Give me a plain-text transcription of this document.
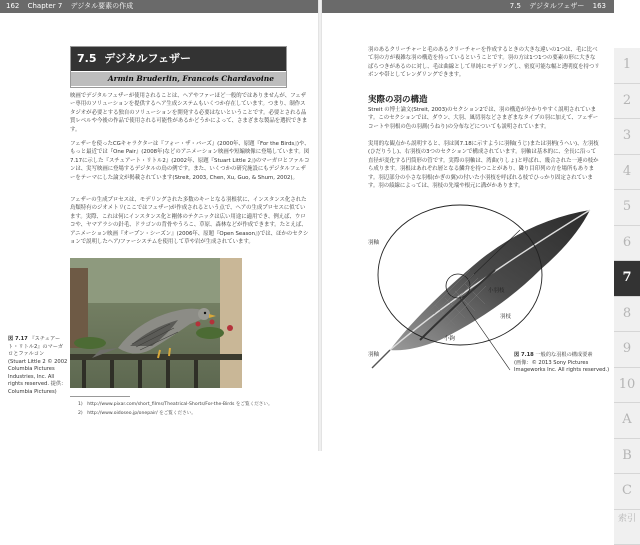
162 Chapter 7 デジタル要素の作成	7.5 デジタルフェザー 163
7.5 デジタルフェザー
Armin Bruderlin, Francois Chardavoine

映画でデジタルフェザーが使用されることは、ヘアやファーほど一般的ではありませんが、フェザー専用のソリューションを提供するヘア生成システムもいくつか存在しています。つまり、制作スタジオが必要とする独自のソリューションを開発する必要はないということです。必要とされる品質レベルや今後の作品で使用される可能性があるかどうかによって、さまざまな製品を選択できます。

フェザーを使ったCGキャラクターは『フォー・ザ・バーズ』(2000年、原題『For the Birds』)や、もっと最近では『One Pair』(2008年)などのアニメーション映画や短編映像に登場しています。図7.17に示した『スチュアート・リトル2』(2002年、原題『Stuart Little 2』)のマーガロとファルコンは、実写映画に登場するデジタルの鳥の例です。また、いくつかの研究施設にもデジタルフェザーをテーマにした論文が掲載されています(Streit, 2003, Chen, Xu, Guo, & Shum, 2002)。

フェザーの生成プロセスは、モデリングされた多数のキーとなる羽根状に、インスタンス化された鳥類特有のジオメトリ(ここではフェザー)が作成されるという点で、ヘアの生成プロセスに似ています。実際、これは何にインスタンス化と剛体のテクニックは広い用途に適用でき、例えば、ウロコや、ヤマアラシの針毛、ドラゴンの背骨やうろこ、草原、森林などが作成できます。たとえば、アニメーション映画『オープン・シーズン』(2006年、原題『Open Season』)では、ほかのセクションで説明したヘア/ファーシステムを使用して草や岩が生成されています。

図 7.17 『スチュアート・リトル2』のマーガロとファルコン
(Stuart Little 2 © 2002 Columbia Pictures Industries, Inc. All rights reserved. 提供：Columbia Pictures)
1)　http://www.pixar.com/short_films/Theatrical-Shorts/For-the-Birds をご覧ください。
2)　http://www.oidoseo.jp/onepair/ をご覧ください。

羽のあるクリーチャーと毛のあるクリーチャーを作成するときの大きな違いの1つは、毛に比べて羽の方が複雑な羽の構造を持っているということです。羽の方は1つ1つの要素の形に大きなばらつきがあるのに対し、毛は曲線として単純にモデリングし、密度可能な幅と透明度を持つリボンや帯としてレンダリングできます。

実際の羽の構造

Streit の博士論文(Streit, 2003)のセクション2では、羽の構造が分かりやすく説明されています。このセクションでは、ダウン、大羽、風切羽などさまざまなタイプの羽に加えて、フェザーコートや羽根の色の羽測(うねり)の分布などについても説明されています。

実用的な観点から説明すると、羽は図7.18に示すように羽軸(うじ)または羽柄(うへい)、左羽枝(ひだりうし)、右羽枝の3つのセクションで構成されています。羽軸は基本的に、全長に沿って直径が変化する円筒形の管です。実際の羽軸は、湾曲(りしょ)と呼ばれ、幾合された一連の枝から成ります。羽根はあれぞれ層となる鱗弁を持つことがあり、隣り目印列の方を場所もあります。羽辺部分の小さな羽根(かぎの翼)の付いた小羽枝を呼ばれる枝でひっかり固定されています。羽の綾線によっては、羽枝の先端や根元に溝がかあります。

羽軸
小羽枝
羽枝
小鉤
羽軸	図 7.18 一般的な羽根の構成要素
(画像：© 2013 Sony Pictures Imageworks Inc. All rights reserved.)
1
2
3
4
5
6
7
8
9
10
A
B
C
索引
